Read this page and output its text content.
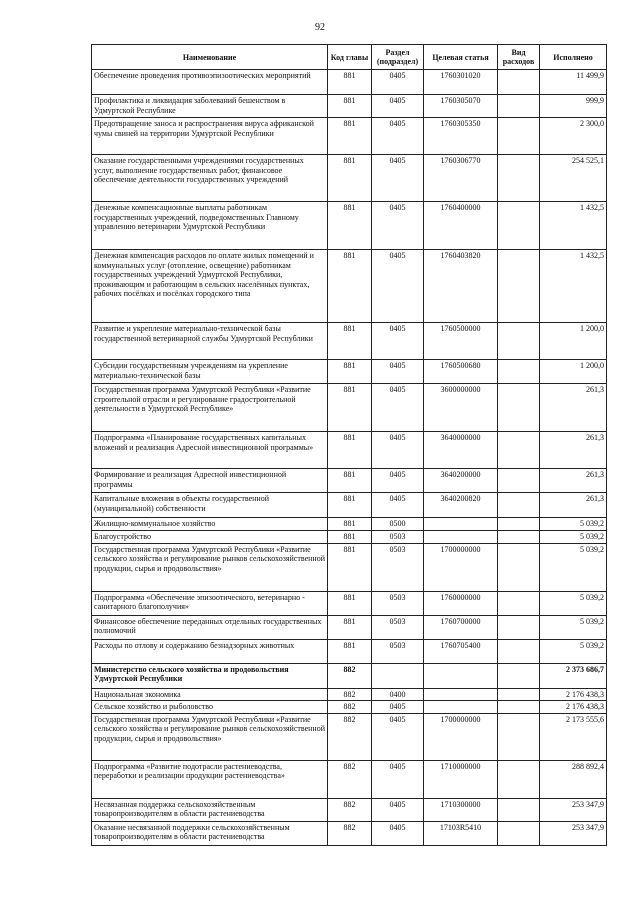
92
Наименование	Код главы	Раздел (подраздел)	Целевая статья	Вид расходов	Исполнено
Обеспечение проведения противоэпизоотических мероприятий	881	0405	1760301020		11 499,9
Профилактика и ликвидация заболеваний бешенством в Удмуртской Республике	881	0405	1760305070		999,9
Предотвращение заноса и распространения вируса африканской чумы свиней на территории Удмуртской Республики	881	0405	1760305350		2 300,0
Оказание государственными учреждениями государственных услуг, выполнение государственных работ, финансовое обеспечение деятельности государственных учреждений	881	0405	1760306770		254 525,1
Денежные компенсационные выплаты работникам государственных учреждений, подведомственных Главному управлению ветеринарии Удмуртской Республики	881	0405	1760400000		1 432,5
Денежная компенсация расходов по оплате жилых помещений и коммунальных услуг (отопление, освещение) работникам государственных учреждений Удмуртской Республики, проживающим и работающим в сельских населённых пунктах, рабочих посёлках и посёлках городского типа	881	0405	1760403820		1 432,5
Развитие и укрепление материально-технической базы государственной ветеринарной службы Удмуртской Республики	881	0405	1760500000		1 200,0
Субсидии государственным учреждениям на укрепление материально-технической базы	881	0405	1760500680		1 200,0
Государственная программа Удмуртской Республики «Развитие строительной отрасли и регулирование градостроительной деятельности в Удмуртской Республике»	881	0405	3600000000		261,3
Подпрограмма «Планирование государственных капитальных вложений и реализация Адресной инвестиционной программы»	881	0405	3640000000		261,3
Формирование и реализация Адресной инвестиционной программы	881	0405	3640200000		261,3
Капитальные вложения в объекты государственной (муниципальной) собственности	881	0405	3640200820		261,3
Жилищно-коммунальное хозяйство	881	0500			5 039,2
Благоустройство	881	0503			5 039,2
Государственная программа Удмуртской Республики «Развитие сельского хозяйства и регулирование рынков сельскохозяйственной продукции, сырья и продовольствия»	881	0503	1700000000		5 039,2
Подпрограмма «Обеспечение эпизоотического, ветеринарно - санитарного благополучия»	881	0503	1760000000		5 039,2
Финансовое обеспечение переданных отдельных государственных полномочий	881	0503	1760700000		5 039,2
Расходы по отлову и содержанию безнадзорных животных	881	0503	1760705400		5 039,2
Министерство сельского хозяйства и продовольствия Удмуртской Республики	882				2 373 686,7
Национальная экономика	882	0400			2 176 438,3
Сельское хозяйство и рыболовство	882	0405			2 176 438,3
Государственная программа Удмуртской Республики «Развитие сельского хозяйства и регулирование рынков сельскохозяйственной продукции, сырья и продовольствия»	882	0405	1700000000		2 173 555,6
Подпрограмма «Развитие подотрасли растениеводства, переработки и реализации продукции растениеводства»	882	0405	1710000000		288 892,4
Несвязанная поддержка сельскохозяйственным товаропроизводителям в области растениеводства	882	0405	1710300000		253 347,9
Оказание несвязанной поддержки сельскохозяйственным товаропроизводителям в области растениеводства	882	0405	17103R5410		253 347,9
